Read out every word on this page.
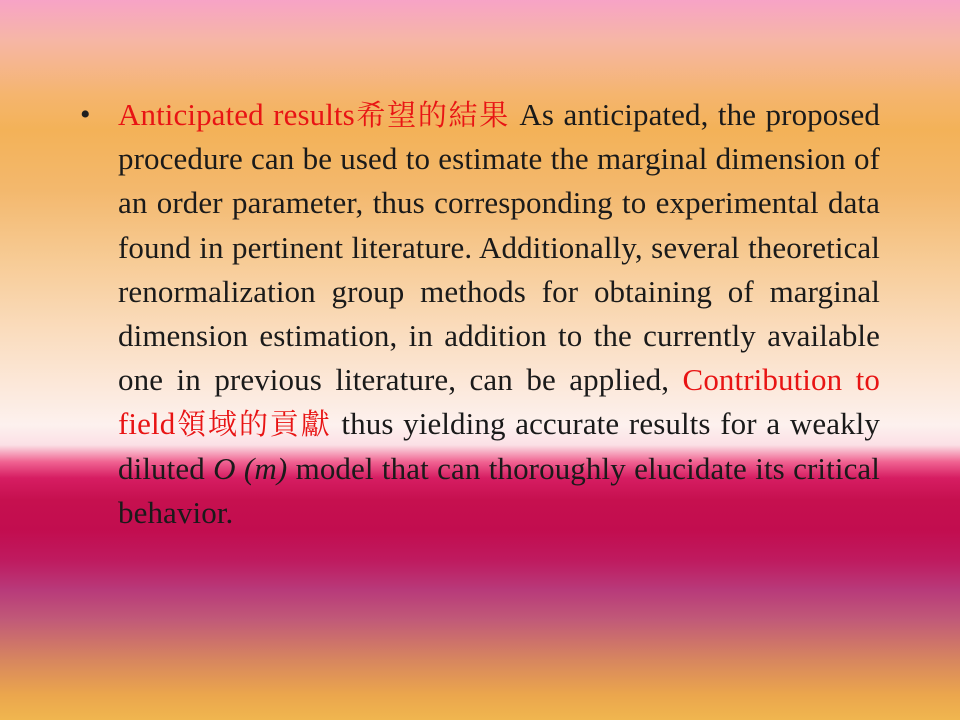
• Anticipated results希望的結果 As anticipated, the proposed procedure can be used to estimate the marginal dimension of an order parameter, thus corresponding to experimental data found in pertinent literature. Additionally, several theoretical renormalization group methods for obtaining of marginal dimension estimation, in addition to the currently available one in previous literature, can be applied, Contribution to field領域的貢獻 thus yielding accurate results for a weakly diluted O (m) model that can thoroughly elucidate its critical behavior.
